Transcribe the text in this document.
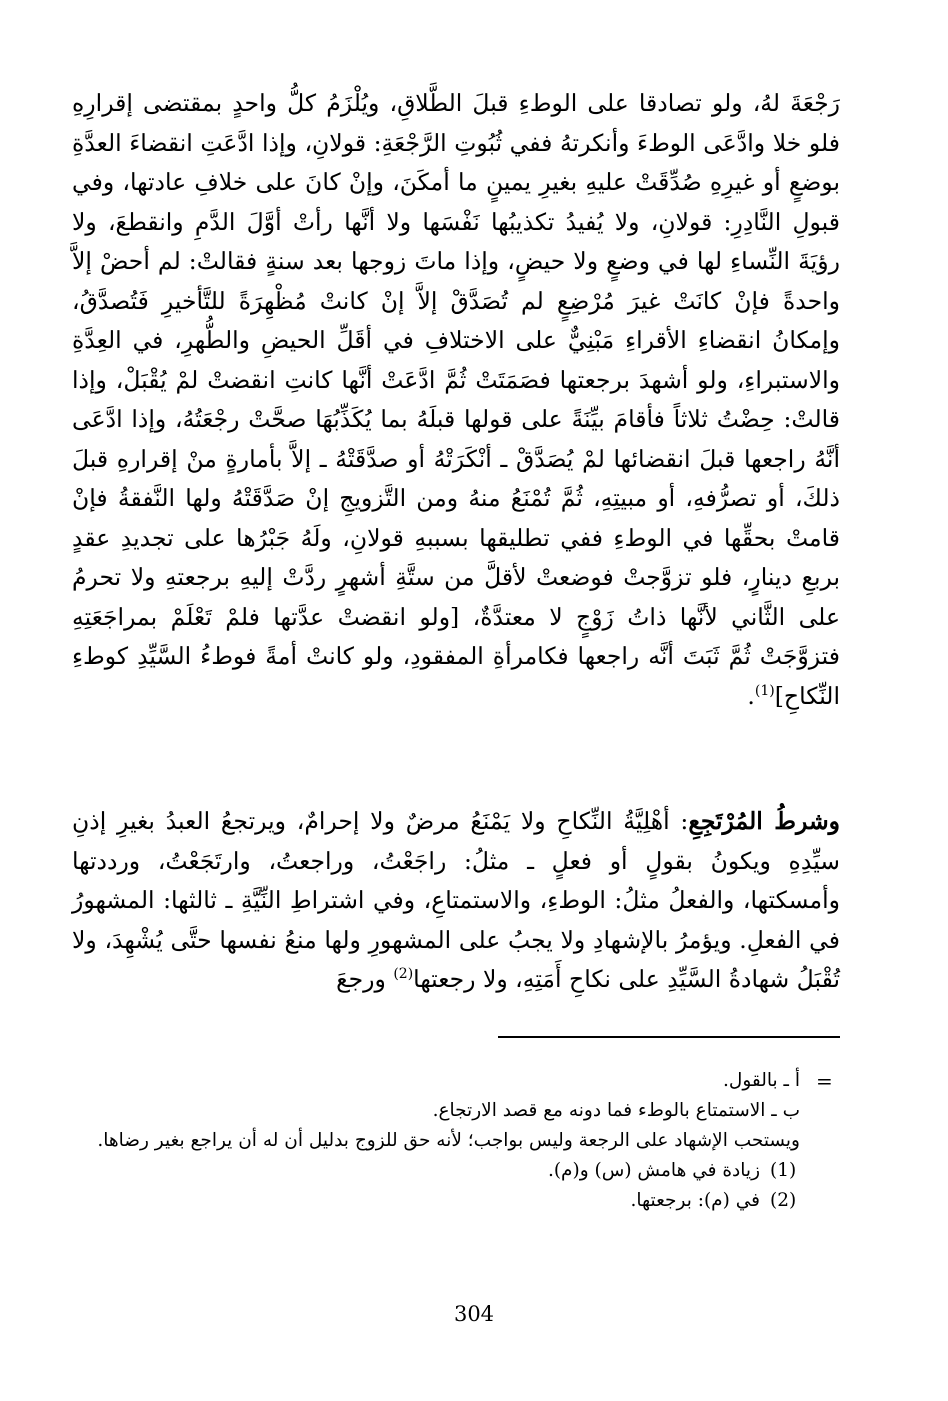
رَجْعَةَ لهُ، ولو تصادقا على الوطءِ قبلَ الطَّلاقِ، ويُلْزَمُ كلُّ واحدٍ بمقتضى إقرارِهِ فلو خلا وادَّعَى الوطءَ وأنكرتهُ ففي ثُبُوتِ الرَّجْعَةِ: قولانِ، وإذا ادَّعَتِ انقضاءَ العدَّةِ بوضعٍ أو غيرِهِ صُدِّقَتْ عليهِ بغيرِ يمينٍ ما أمكَنَ، وإنْ كانَ على خلافِ عادتها، وفي قبولِ النَّادِرِ: قولانِ، ولا يُفيدُ تكذيبُها نَفْسَها ولا أنَّها رأتْ أوَّلَ الدَّمِ وانقطعَ، ولا رؤيَةَ النِّساءِ لها في وضعٍ ولا حيضٍ، وإذا ماتَ زوجها بعد سنةٍ فقالتْ: لم أحضْ إلاَّ واحدةً فإنْ كانَتْ غيرَ مُرْضِعٍ لم تُصَدَّقْ إلاَّ إنْ كانتْ مُظْهِرَةً للتَّأخيرِ فَتُصدَّقُ، وإمكانُ انقضاءِ الأقراءِ مَبْنِيٌّ على الاختلافِ في أقَلِّ الحيضِ والطُّهرِ، في العِدَّةِ والاستبراءِ، ولو أشهدَ برجعتها فصَمَتَتْ ثُمَّ ادَّعَتْ أنَّها كانتِ انقضتْ لمْ يُقْبَلْ، وإذا قالتْ: حِضْتُ ثلاثاً فأقامَ بيِّنَةً على قولها قبلَهُ بما يُكَذِّبُهَا صحَّتْ رجْعَتُهُ، وإذا ادَّعَى أنَّهُ راجعها قبلَ انقضائها لمْ يُصَدَّقْ ـ أنْكَرَتْهُ أو صدَّقَتْهُ ـ إلاَّ بأمارةٍ منْ إقرارهِ قبلَ ذلكَ، أو تصرُّفهِ، أو مبيتِهِ، ثُمَّ تُمْنَعُ منهُ ومن التَّزويجِ إنْ صَدَّقَتْهُ ولها النَّفقةُ فإنْ قامتْ بحقِّها في الوطءِ ففي تطليقها بسببهِ قولانِ، ولَهُ جَبْرُها على تجديدِ عقدٍ بربعِ دينارٍ، فلو تزوَّجتْ فوضعتْ لأقلَّ من ستَّةِ أشهرٍ ردَّتْ إليهِ برجعتهِ ولا تحرمُ على الثَّاني لأنَّها ذاتُ زَوْجٍ لا معتدَّةٌ، [ولو انقضتْ عدَّتها فلمْ تَعْلَمْ بمراجَعَتِهِ فتزوَّجَتْ ثُمَّ ثَبَتَ أنَّه راجعها فكامرأةِ المفقودِ، ولو كانتْ أمةً فوطءُ السَّيِّدِ كوطءِ النِّكاحِ]$^{(1)}$.

وشرطُ المُرْتَجِعِ: أهْلِيَّةُ النِّكاحِ ولا يَمْنَعُ مرضٌ ولا إحرامٌ، ويرتجعُ العبدُ بغيرِ إذنِ سيِّدِهِ ويكونُ بقولٍ أو فعلٍ ـ مثلُ: راجَعْتُ، وراجعتُ، وارتَجَعْتُ، ورددتها وأمسكتها، والفعلُ مثلُ: الوطءِ، والاستمتاعِ، وفي اشتراطِ النِّيَّةِ ـ ثالثها: المشهورُ في الفعلِ. ويؤمرُ بالإشهادِ ولا يجبُ على المشهورِ ولها منعُ نفسها حتَّى يُشْهِدَ، ولا تُقْبَلُ شهادةُ السَّيِّدِ على نكاحِ أَمَتِهِ، ولا رجعتها$^{(2)}$ ورجعَ

=

أ ـ بالقول.

ب ـ الاستمتاع بالوطء فما دونه مع قصد الارتجاع.

ويستحب الإشهاد على الرجعة وليس بواجب؛ لأنه حق للزوج بدليل أن له أن يراجع بغير رضاها.

(1)زيادة في هامش (س) و(م).

(2)في (م): برجعتها.

304
